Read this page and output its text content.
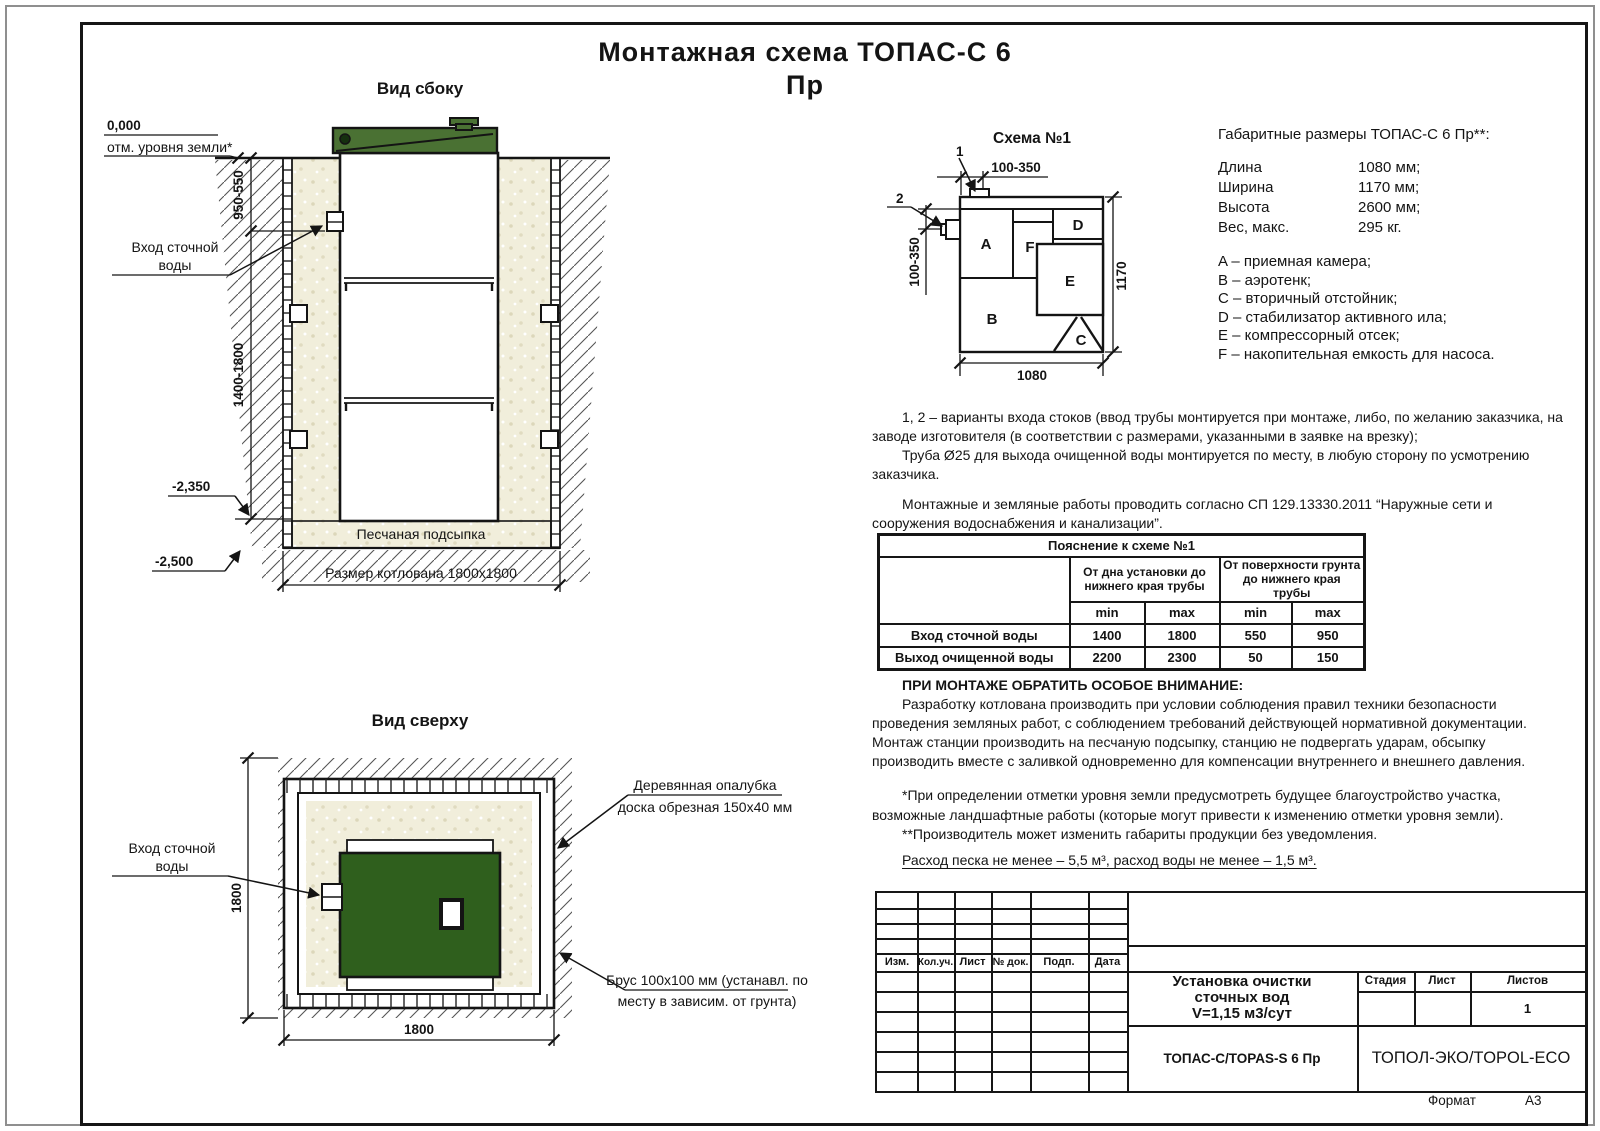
Монтажная схема ТОПАС-С 6
Пр
Вид сбоку
0,000
отм. уровня земли*
950-550
1400-1800
Вход сточной
воды
-2,350
-2,500
Песчаная подсыпка
Размер котлована 1800x1800
Вид сверху
Вход сточной
воды
Деревянная опалубка
доска обрезная 150x40 мм
Брус 100x100 мм (устанавл. по
месту в зависим. от грунта)
1800
1800
Схема №1
A
B
C
D
E
F
1
2
100-350
100-350	1170
1080
Габаритные размеры ТОПАС-С 6 Пр**:
Длина	1080 мм;
Ширина	1170 мм;
Высота	2600 мм;
Вес, макс.	295 кг.
A – приемная камера;
B – аэротенк;
C – вторичный отстойник;
D – стабилизатор активного ила;
E – компрессорный отсек;
F – накопительная емкость для насоса.

1, 2 – варианты входа стоков (ввод трубы монтируется при монтаже, либо, по желанию заказчика, на заводе изготовителя (в соответствии с размерами, указанными в заявке на врезку);

Труба Ø25 для выхода очищенной воды монтируется по месту, в любую сторону по усмотрению заказчика.

Монтажные и земляные работы проводить согласно СП 129.13330.2011 “Наружные сети и сооружения водоснабжения и канализации”.

Пояснение к схеме №1				
	От дна установки до нижнего края трубы		От поверхности грунта до нижнего края трубы	
	min	max	min	max
Вход сточной воды	1400	1800	550	950
Выход очищенной воды	2200	2300	50	150
ПРИ МОНТАЖЕ ОБРАТИТЬ ОСОБОЕ ВНИМАНИЕ:

Разработку котлована производить при условии соблюдения правил техники безопасности проведения земляных работ, с соблюдением требований действующей нормативной документации. Монтаж станции производить на песчаную подсыпку, станцию не подвергать ударам, обсыпку производить вместе с заливкой одновременно для компенсации внутреннего и внешнего давления.

*При определении отметки уровня земли предусмотреть будущее благоустройство участка, возможные ландшафтные работы (которые могут привести к изменению отметки уровня земли).

**Производитель может изменить габариты продукции без уведомления.

Расход песка не менее – 5,5 м³, расход воды не менее – 1,5 м³.
Изм. Кол.уч. Лист № док.	Подп.	Дата
Установка очистки
сточных вод
V=1,15 м3/сут
Стадия	Лист	Листов
1
ТОПАС-С/TOPAS-S 6 Пр	ТОПОЛ-ЭКО/TOPOL-ECO
Формат	А3
